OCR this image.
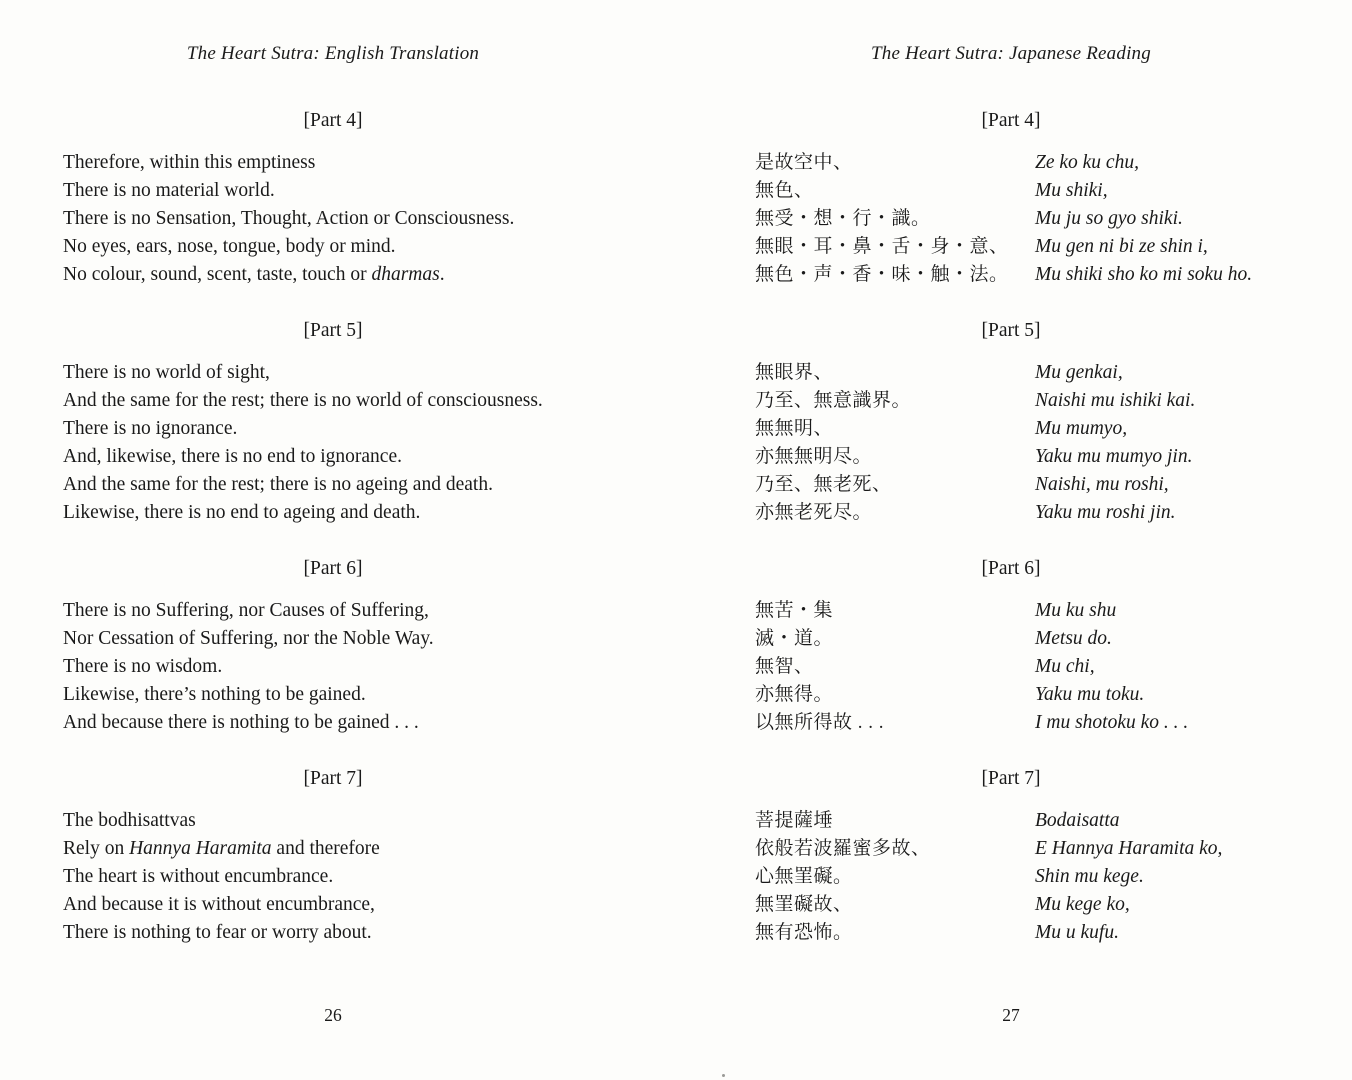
The Heart Sutra: English Translation
[Part 4]
Therefore, within this emptiness
There is no material world.
There is no Sensation, Thought, Action or Consciousness.
No eyes, ears, nose, tongue, body or mind.
No colour, sound, scent, taste, touch or dharmas.
[Part 5]
There is no world of sight,
And the same for the rest; there is no world of consciousness.
There is no ignorance.
And, likewise, there is no end to ignorance.
And the same for the rest; there is no ageing and death.
Likewise, there is no end to ageing and death.
[Part 6]
There is no Suffering, nor Causes of Suffering,
Nor Cessation of Suffering, nor the Noble Way.
There is no wisdom.
Likewise, there’s nothing to be gained.
And because there is nothing to be gained . . .
[Part 7]
The bodhisattvas
Rely on Hannya Haramita and therefore
The heart is without encumbrance.
And because it is without encumbrance,
There is nothing to fear or worry about.
26
The Heart Sutra: Japanese Reading
[Part 4]
是故空中、	Ze ko ku chu,
無色、	Mu shiki,
無受・想・行・識。	Mu ju so gyo shiki.
無眼・耳・鼻・舌・身・意、	Mu gen ni bi ze shin i,
無色・声・香・味・触・法。	Mu shiki sho ko mi soku ho.
[Part 5]
無眼界、	Mu genkai,
乃至、無意識界。	Naishi mu ishiki kai.
無無明、	Mu mumyo,
亦無無明尽。	Yaku mu mumyo jin.
乃至、無老死、	Naishi, mu roshi,
亦無老死尽。	Yaku mu roshi jin.
[Part 6]
無苦・集	Mu ku shu
滅・道。	Metsu do.
無智、	Mu chi,
亦無得。	Yaku mu toku.
以無所得故 . . .	I mu shotoku ko . . .
[Part 7]
菩提薩埵	Bodaisatta
依般若波羅蜜多故、	E Hannya Haramita ko,
心無罣礙。	Shin mu kege.
無罣礙故、	Mu kege ko,
無有恐怖。	Mu u kufu.
27
